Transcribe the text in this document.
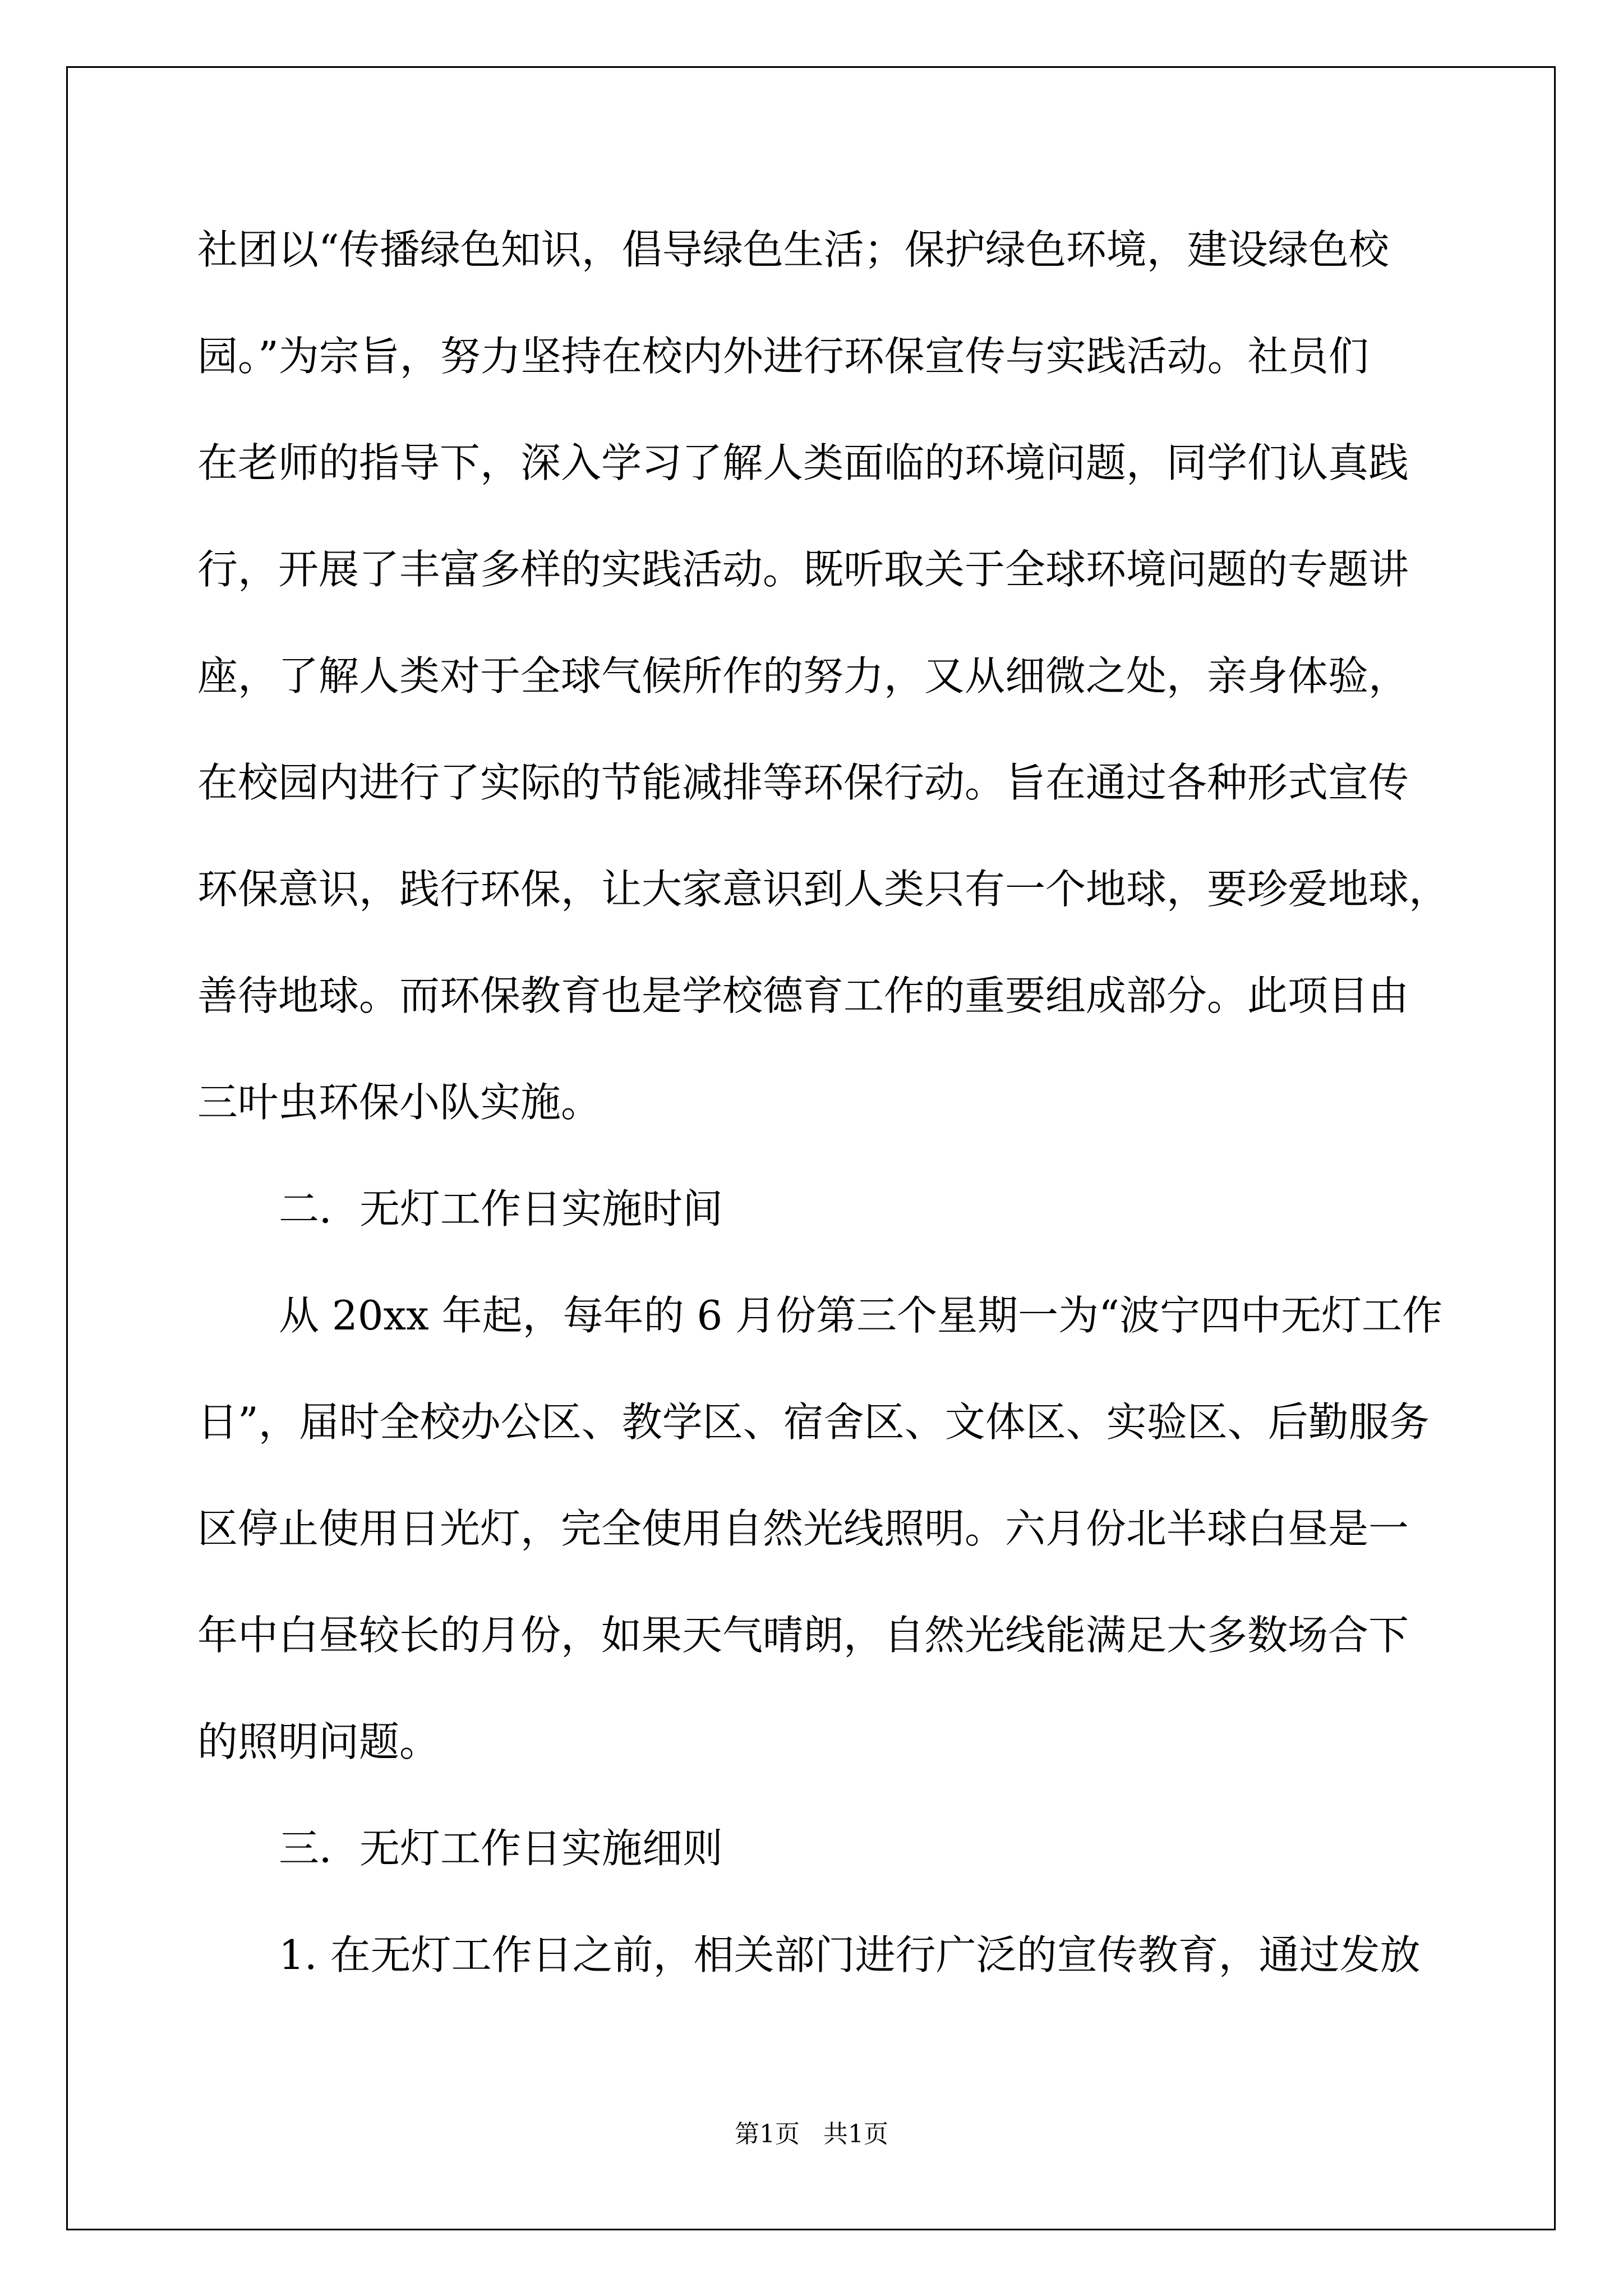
社团以“传播绿色知识，倡导绿色生活；保护绿色环境，建设绿色校

园。”为宗旨，努力坚持在校内外进行环保宣传与实践活动。社员们

在老师的指导下，深入学习了解人类面临的环境问题，同学们认真践

行，开展了丰富多样的实践活动。既听取关于全球环境问题的专题讲

座，了解人类对于全球气候所作的努力，又从细微之处，亲身体验，

在校园内进行了实际的节能减排等环保行动。旨在通过各种形式宣传

环保意识，践行环保，让大家意识到人类只有一个地球，要珍爱地球，

善待地球。而环保教育也是学校德育工作的重要组成部分。此项目由

三叶虫环保小队实施。

二．无灯工作日实施时间

从 20xx 年起，每年的 6 月份第三个星期一为“波宁四中无灯工作

日”，届时全校办公区、教学区、宿舍区、文体区、实验区、后勤服务

区停止使用日光灯，完全使用自然光线照明。六月份北半球白昼是一

年中白昼较长的月份，如果天气晴朗，自然光线能满足大多数场合下

的照明问题。

三．无灯工作日实施细则

1. 在无灯工作日之前，相关部门进行广泛的宣传教育，通过发放

第1页   共1页
